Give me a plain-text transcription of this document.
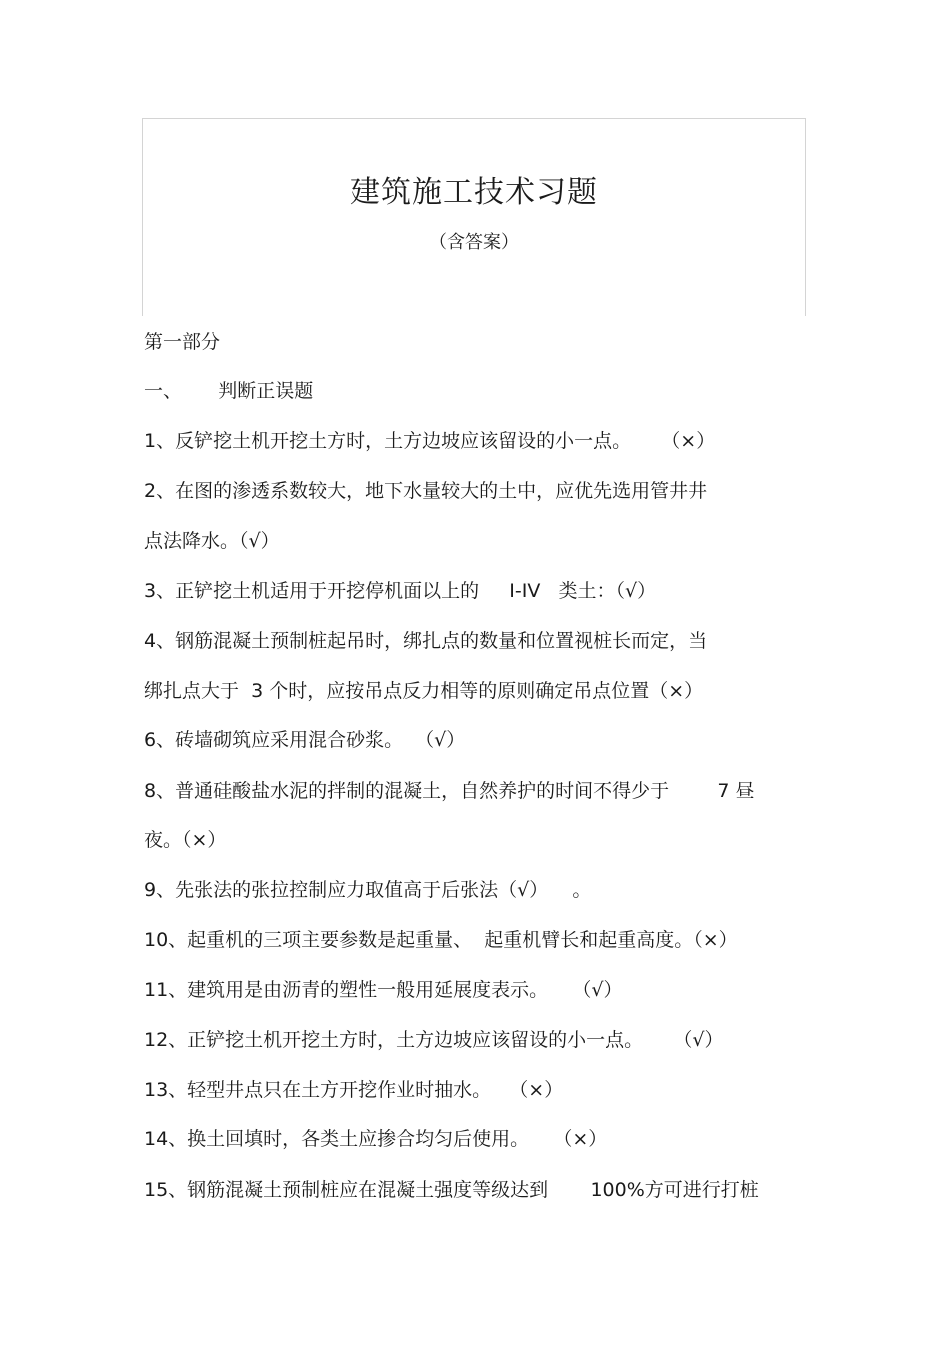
建筑施工技术习题
（含答案）
第一部分
一、      判断正误题
1、反铲挖土机开挖土方时，土方边坡应该留设的小一点。     （×）
2、在图的渗透系数较大，地下水量较大的土中，应优先选用管井井
点法降水。（√）
3、正铲挖土机适用于开挖停机面以上的     I-IV   类土：（√）
4、钢筋混凝土预制桩起吊时，绑扎点的数量和位置视桩长而定，当
绑扎点大于  3 个时，应按吊点反力相等的原则确定吊点位置（×）
6、砖墙砌筑应采用混合砂浆。  （√）
8、普通硅酸盐水泥的拌制的混凝土，自然养护的时间不得少于        7 昼
夜。（×）
9、先张法的张拉控制应力取值高于后张法（√）    。
10、起重机的三项主要参数是起重量、  起重机臂长和起重高度。（×）
11、建筑用是由沥青的塑性一般用延展度表示。    （√）
12、正铲挖土机开挖土方时，土方边坡应该留设的小一点。     （√）
13、轻型井点只在土方开挖作业时抽水。   （×）
14、换土回填时，各类土应掺合均匀后使用。    （×）
15、钢筋混凝土预制桩应在混凝土强度等级达到       100%方可进行打桩
